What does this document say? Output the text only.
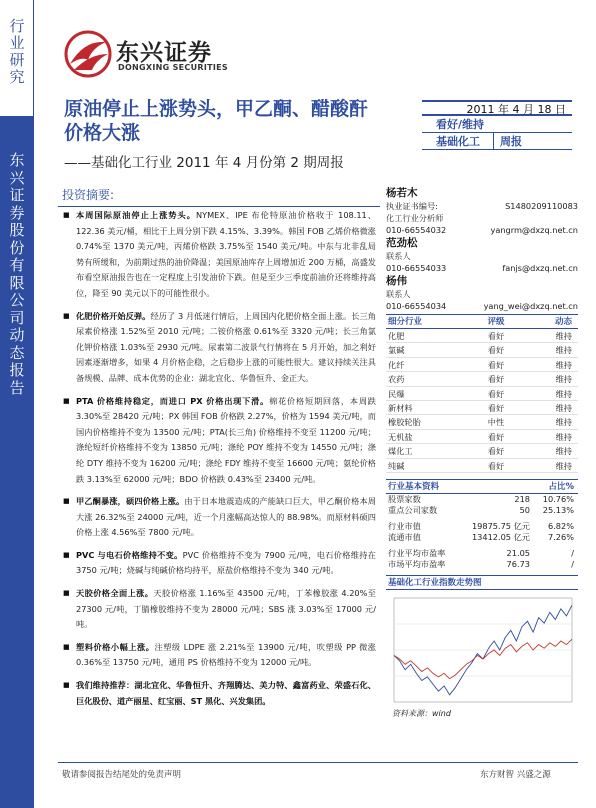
行业研究
东兴证券股份有限公司动态报告
东兴证券
DONGXING SECURITIES
原油停止上涨势头，甲乙酮、醋酸酐价格大涨
——基础化工行业 2011 年 4 月份第 2 期周报
2011 年 4 月 18 日
看好/维持
基础化工	周报
投资摘要:
■ 本周国际原油停止上涨势头。NYMEX、IPE 布伦特原油价格收于 108.11、122.36 美元/桶，相比于上周分别下跌 4.15%、3.39%。韩国 FOB 乙烯价格微涨 0.74%至 1370 美元/吨，丙烯价格跌 3.75%至 1540 美元/吨。中东与北非乱局势有所缓和，为前期过热的油价降温；美国原油库存上周增加近 200 万桶，高盛发布看空原油报告也在一定程度上引发油价下跌。但是至少三季度前油价还将维持高位，降至 90 美元以下的可能性很小。
■ 化肥价格开始反弹。经历了 3 月低迷行情后，上周国内化肥价格全面上涨。长三角尿素价格涨 1.52%至 2010 元/吨；二铵价格涨 0.61%至 3320 元/吨；长三角氯化钾价格涨 1.03%至 2930 元/吨。尿素第二波景气行情将在 5 月开始，加之利好因素逐渐增多，如果 4 月价格企稳，之后稳步上涨的可能性很大。建议持续关注具备规模、品牌、成本优势的企业：湖北宜化、华鲁恒升、金正大。
■ PTA 价格维持稳定，而进口 PX 价格出现下滑。棉花价格短期回落，本周跌 3.30%至 28420 元/吨；PX 韩国 FOB 价格跌 2.27%，价格为 1594 美元/吨，而国内价格维持不变为 13500 元/吨；PTA(长三角) 价格维持不变至 11200 元/吨；涤纶短纤价格维持不变为 13850 元/吨；涤纶 POY 维持不变为 14550 元/吨；涤纶 DTY 维持不变为 16200 元/吨；涤纶 FDY 维持不变至 16600 元/吨；氨纶价格跌 3.13%至 62000 元/吨；BDO 价格跌 0.43%至 23400 元/吨。
■ 甲乙酮暴涨，硕四价格上涨。由于日本地震造成的产能缺口巨大，甲乙酮价格本周大涨 26.32%至 24000 元/吨，近一个月涨幅高达惊人的 88.98%。而原材料硕四价格上涨 4.56%至 7800 元/吨。
■ PVC 与电石价格维持不变。PVC 价格维持不变为 7900 元/吨，电石价格维持在 3750 元/吨；烧碱与纯碱价格均持平，原盐价格维持不变为 340 元/吨。
■ 天胶价格全面上涨。天胶价格涨 1.16%至 43500 元/吨，丁苯橡胶涨 4.20%至 27300 元/吨，丁腈橡胶维持不变为 28000 元/吨；SBS 涨 3.03%至 17000 元/吨。
■ 塑料价格小幅上涨。注塑级 LDPE 涨 2.21%至 13900 元/吨，吹塑级 PP 微涨 0.36%至 13750 元/吨，通用 PS 价格维持不变为 12000 元/吨。
■ 我们维持推荐：湖北宜化、华鲁恒升、齐翔腾达、美力特、鑫富药业、荣盛石化、巨化股份、道产丽星、红宝丽、ST 黑化、兴发集团。
杨若木
执业证书编号:	S1480209110083
化工行业分析师
010-66554032	yangrm@dxzq.net.cn
范劲松
联系人
010-66554033	fanjs@dxzq.net.cn
杨伟
联系人
010-66554034	yang_wei@dxzq.net.cn
细分行业	评级	动态
化肥	看好	维持
氯碱	看好	维持
化纤	看好	维持
农药	看好	维持
民爆	看好	维持
新材料	看好	维持
橡胶轮胎	中性	维持
无机盐	看好	维持
煤化工	看好	维持
纯碱	看好	维持
行业基本资料	占比%
股票家数	218	10.76%
重点公司家数	50	25.13%
行业市值	19875.75 亿元	6.82%
流通市值	13412.05 亿元	7.26%
行业平均市盈率	21.05	/
市场平均市盈率	76.73	/
基础化工行业指数走势图
资料来源：wind
敬请参阅报告结尾处的免责声明	东方财智 兴盛之源
